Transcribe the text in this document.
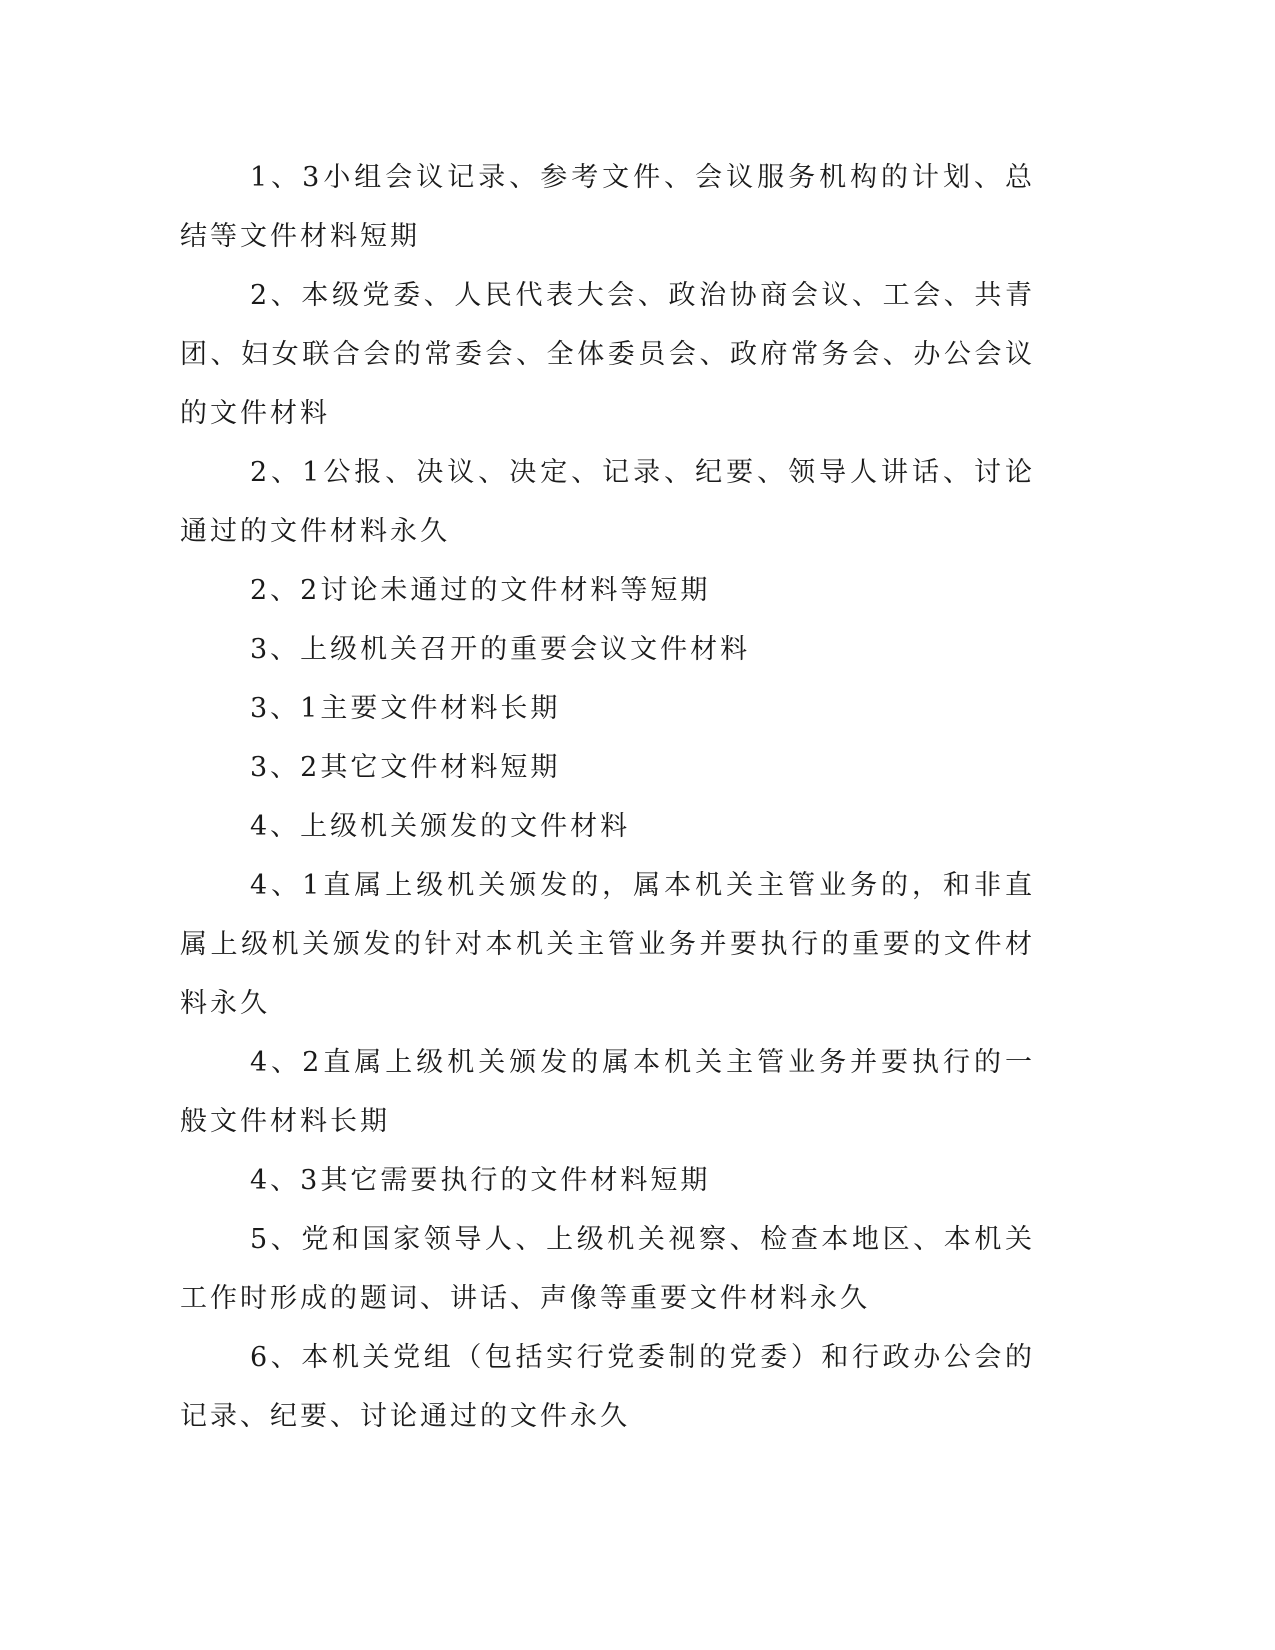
1、3小组会议记录、参考文件、会议服务机构的计划、总结等文件材料短期

2、本级党委、人民代表大会、政治协商会议、工会、共青团、妇女联合会的常委会、全体委员会、政府常务会、办公会议的文件材料

2、1公报、决议、决定、记录、纪要、领导人讲话、讨论通过的文件材料永久

2、2讨论未通过的文件材料等短期

3、上级机关召开的重要会议文件材料

3、1主要文件材料长期

3、2其它文件材料短期

4、上级机关颁发的文件材料

4、1直属上级机关颁发的，属本机关主管业务的，和非直属上级机关颁发的针对本机关主管业务并要执行的重要的文件材料永久

4、2直属上级机关颁发的属本机关主管业务并要执行的一般文件材料长期

4、3其它需要执行的文件材料短期

5、党和国家领导人、上级机关视察、检查本地区、本机关工作时形成的题词、讲话、声像等重要文件材料永久

6、本机关党组（包括实行党委制的党委）和行政办公会的记录、纪要、讨论通过的文件永久
